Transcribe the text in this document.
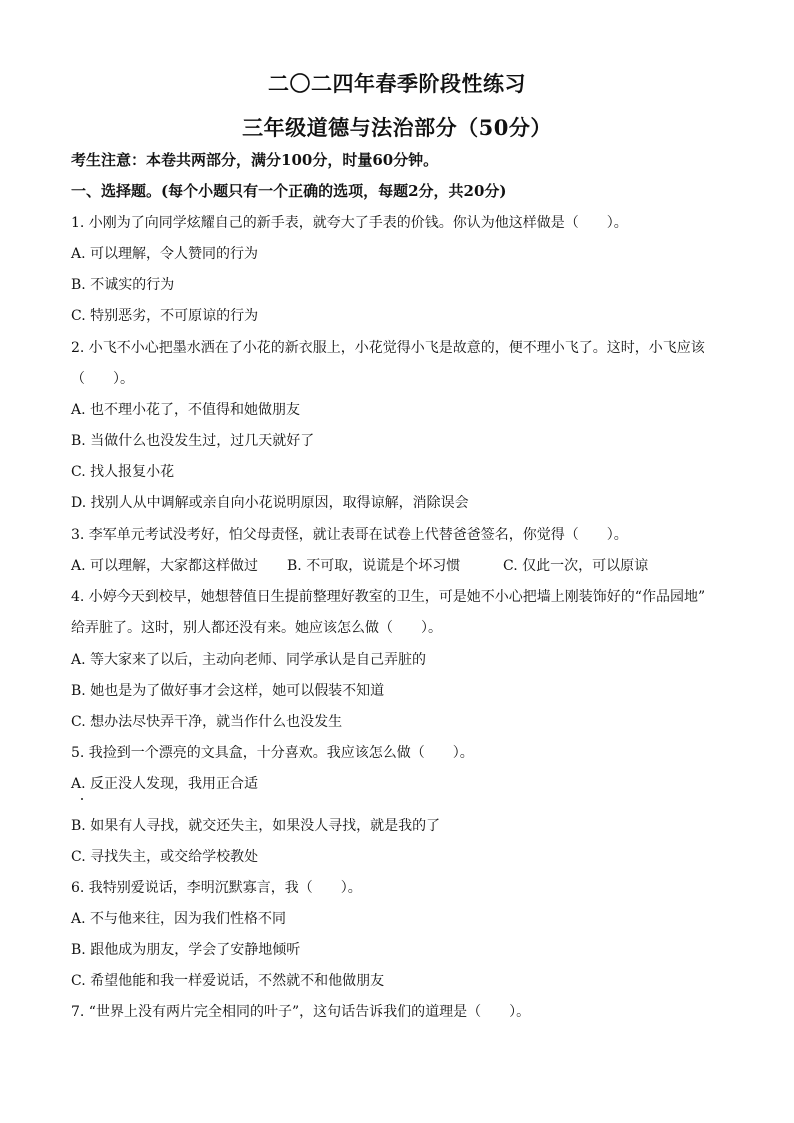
二〇二四年春季阶段性练习
三年级道德与法治部分（50分）
考生注意：本卷共两部分，满分100分，时量60分钟。
一、选择题。(每个小题只有一个正确的选项，每题2分，共20分)
1. 小刚为了向同学炫耀自己的新手表，就夸大了手表的价钱。你认为他这样做是（　　）。
A. 可以理解，令人赞同的行为
B. 不诚实的行为
C. 特别恶劣，不可原谅的行为
2. 小飞不小心把墨水洒在了小花的新衣服上，小花觉得小飞是故意的，便不理小飞了。这时，小飞应该
（　　）。
A. 也不理小花了，不值得和她做朋友
B. 当做什么也没发生过，过几天就好了
C. 找人报复小花
D. 找别人从中调解或亲自向小花说明原因，取得谅解，消除误会
3. 李军单元考试没考好，怕父母责怪，就让表哥在试卷上代替爸爸签名，你觉得（　　）。
A. 可以理解，大家都这样做过 B. 不可取，说谎是个坏习惯	C. 仅此一次，可以原谅
4. 小婷今天到校早，她想替值日生提前整理好教室的卫生，可是她不小心把墙上刚装饰好的“作品园地”
给弄脏了。这时，别人都还没有来。她应该怎么做（　　）。
A. 等大家来了以后，主动向老师、同学承认是自己弄脏的
B. 她也是为了做好事才会这样，她可以假装不知道
C. 想办法尽快弄干净，就当作什么也没发生
5. 我捡到一个漂亮的文具盒，十分喜欢。我应该怎么做（　　）。
A. 反正没人发现，我用正合适
B. 如果有人寻找，就交还失主，如果没人寻找，就是我的了
C. 寻找失主，或交给学校教处
6. 我特别爱说话，李明沉默寡言，我（　　）。
A. 不与他来往，因为我们性格不同
B. 跟他成为朋友，学会了安静地倾听
C. 希望他能和我一样爱说话，不然就不和他做朋友
7. “世界上没有两片完全相同的叶子”，这句话告诉我们的道理是（　　）。
